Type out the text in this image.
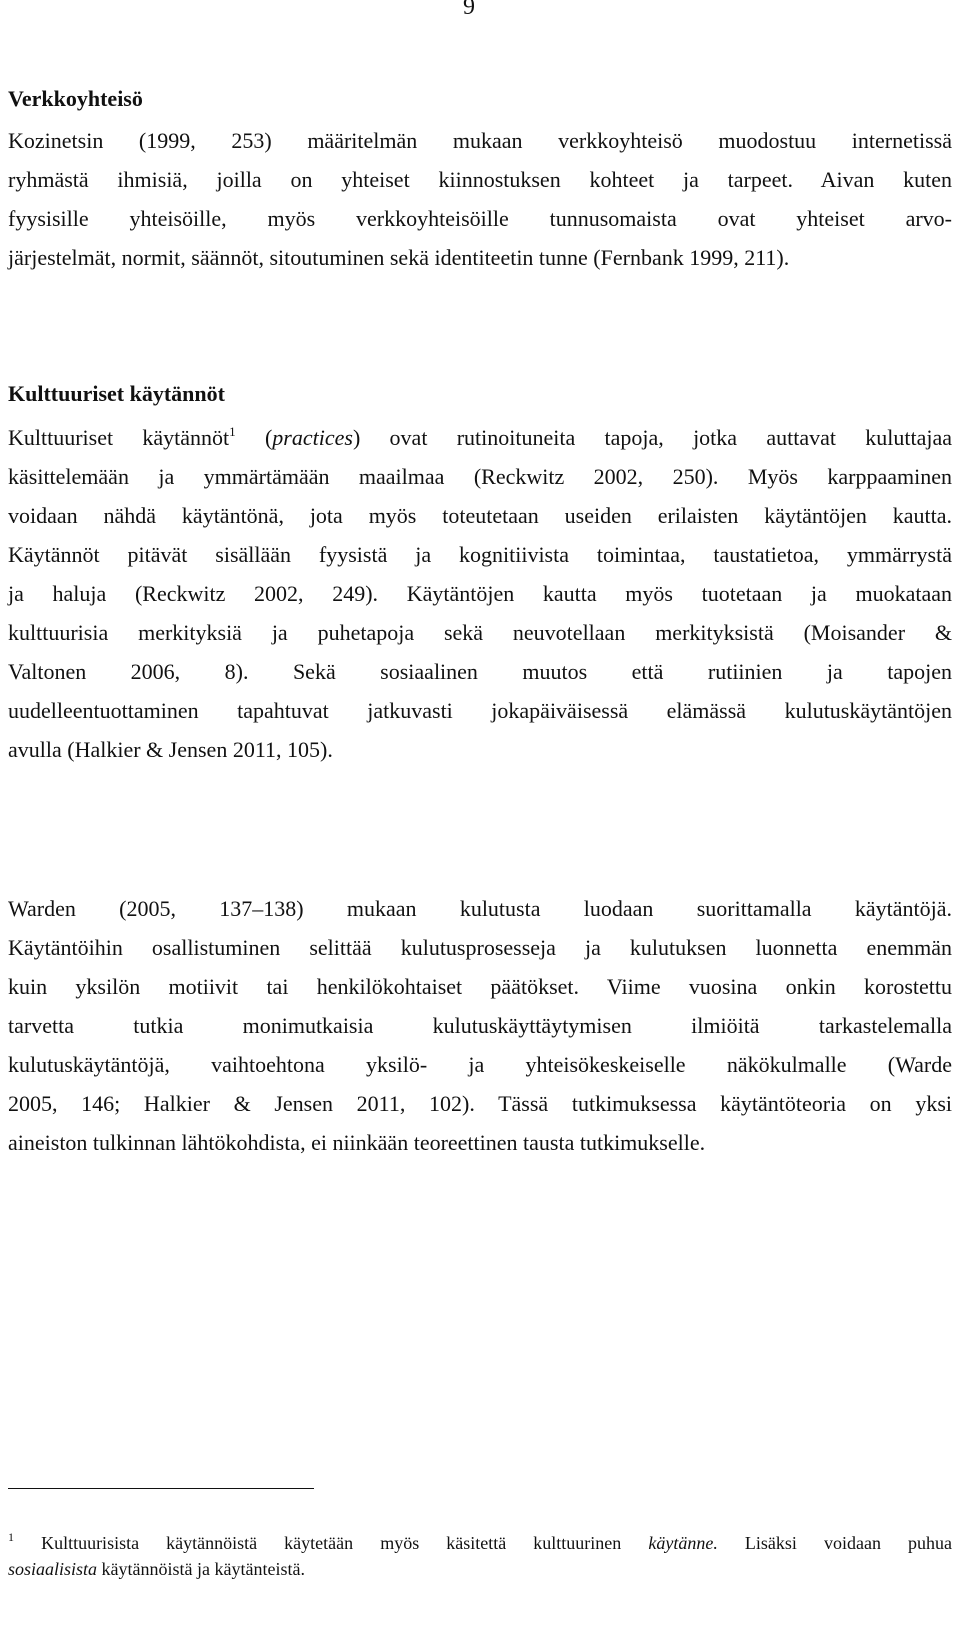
9
Verkkoyhteisö
Kozinetsin (1999, 253) määritelmän mukaan verkkoyhteisö muodostuu internetissä
ryhmästä ihmisiä, joilla on yhteiset kiinnostuksen kohteet ja tarpeet. Aivan kuten
fyysisille yhteisöille, myös verkkoyhteisöille tunnusomaista ovat yhteiset arvo-
järjestelmät, normit, säännöt, sitoutuminen sekä identiteetin tunne (Fernbank 1999, 211).
Kulttuuriset käytännöt
Kulttuuriset käytännöt$^1$ (practices) ovat rutinoituneita tapoja, jotka auttavat kuluttajaa
käsittelemään ja ymmärtämään maailmaa (Reckwitz 2002, 250). Myös karppaaminen
voidaan nähdä käytäntönä, jota myös toteutetaan useiden erilaisten käytäntöjen kautta.
Käytännöt pitävät sisällään fyysistä ja kognitiivista toimintaa, taustatietoa, ymmärrystä
ja haluja (Reckwitz 2002, 249). Käytäntöjen kautta myös tuotetaan ja muokataan
kulttuurisia merkityksiä ja puhetapoja sekä neuvotellaan merkityksistä (Moisander &
Valtonen 2006, 8). Sekä sosiaalinen muutos että rutiinien ja tapojen
uudelleentuottaminen tapahtuvat jatkuvasti jokapäiväisessä elämässä kulutuskäytäntöjen
avulla (Halkier & Jensen 2011, 105).
Warden (2005, 137–138) mukaan kulutusta luodaan suorittamalla käytäntöjä.
Käytäntöihin osallistuminen selittää kulutusprosesseja ja kulutuksen luonnetta enemmän
kuin yksilön motiivit tai henkilökohtaiset päätökset. Viime vuosina onkin korostettu
tarvetta tutkia monimutkaisia kulutuskäyttäytymisen ilmiöitä tarkastelemalla
kulutuskäytäntöjä, vaihtoehtona yksilö- ja yhteisökeskeiselle näkökulmalle (Warde
2005, 146; Halkier & Jensen 2011, 102). Tässä tutkimuksessa käytäntöteoria on yksi
aineiston tulkinnan lähtökohdista, ei niinkään teoreettinen tausta tutkimukselle.
$^1$ Kulttuurisista käytännöistä käytetään myös käsitettä kulttuurinen käytänne. Lisäksi voidaan puhua
sosiaalisista käytännöistä ja käytänteistä.
